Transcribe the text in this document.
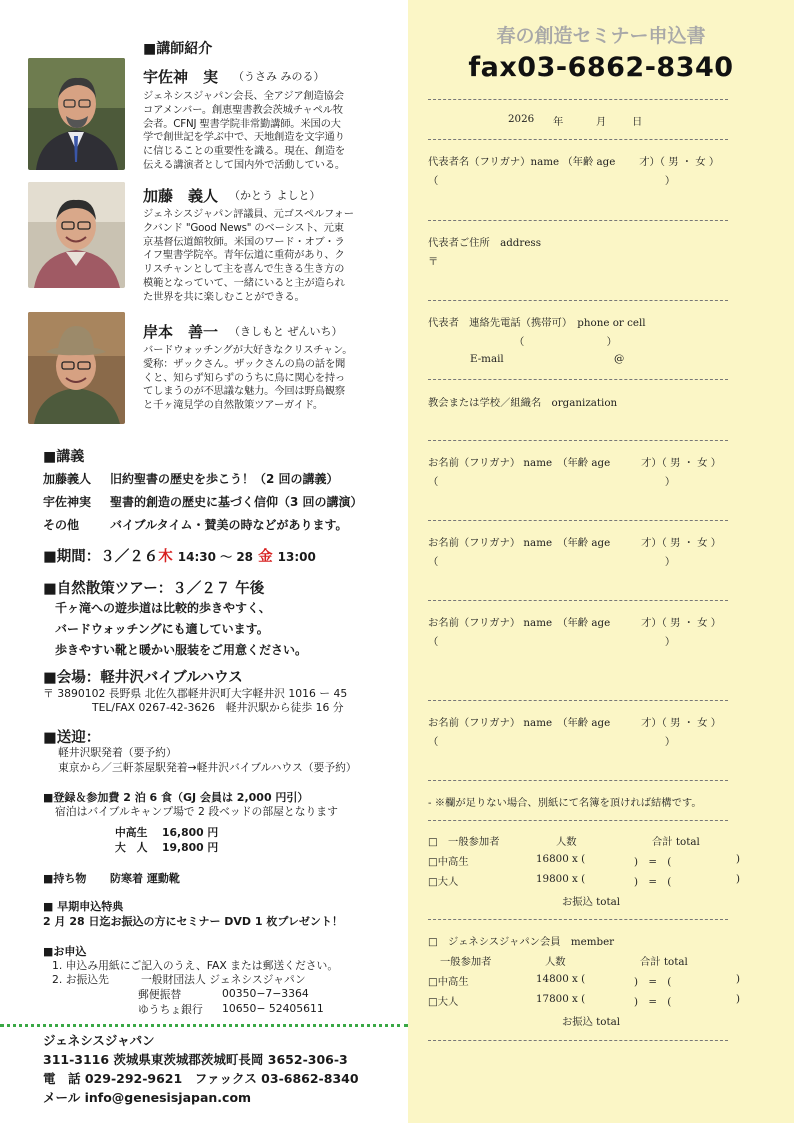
■講師紹介
宇佐神　実 （うさみ みのる）
ジェネシスジャパン会長、全アジア創造協会
コアメンバー。創恵聖書教会茨城チャペル牧
会者。CFNJ 聖書学院非常勤講師。米国の大
学で創世記を学ぶ中で、天地創造を文字通り
に信じることの重要性を識る。現在、創造を
伝える講演者として国内外で活動している。
加藤　義人 （かとう よしと）
ジェネシスジャパン評議員、元ゴスペルフォー
クバンド "Good News" のベーシスト、元東
京基督伝道館牧師。米国のワード・オブ・ラ
イフ聖書学院卒。青年伝道に重荷があり、ク
リスチャンとして主を喜んで生きる生き方の
模範となっていて、一緒にいると主が造られ
た世界を共に楽しむことができる。
岸本　善一 （きしもと ぜんいち）
バードウォッチングが大好きなクリスチャン。
愛称：ザックさん。ザックさんの鳥の話を聞
くと、知らず知らずのうちに鳥に関心を持っ
てしまうのが不思議な魅力。今回は野鳥観察
と千ヶ滝見学の自然散策ツアーガイド。
■講義
加藤義人 旧約聖書の歴史を歩こう！（2 回の講義）
宇佐神実 聖書的創造の歴史に基づく信仰（3 回の講演）
その他	バイブルタイム・賛美の時などがあります。
■期間：３／２６木 14:30 〜 28 金 13:00
■自然散策ツアー：３／２７ 午後
千ヶ滝への遊歩道は比較的歩きやすく、
バードウォッチングにも適しています。
歩きやすい靴と暖かい服装をご用意ください。
■会場：軽井沢バイブルハウス
〒 3890102 長野県 北佐久郡軽井沢町大字軽井沢 1016 ー 45
TEL/FAX 0267-42-3626　軽井沢駅から徒歩 16 分
■送迎：
軽井沢駅発着（要予約）
東京から／三軒茶屋駅発着→軽井沢バイブルハウス（要予約）
■登録＆参加費 2 泊 6 食（GJ 会員は 2,000 円引）
宿泊はバイブルキャンプ場で 2 段ベッドの部屋となります
中高生 16,800 円
大　人 19,800 円
■持ち物 防寒着 運動靴
■ 早期申込特典
2 月 28 日迄お振込の方にセミナー DVD 1 枚プレゼント！
■お申込
1. 申込み用紙にご記入のうえ、FAX または郵送ください。
2. お振込先	一般財団法人 ジェネシスジャパン
郵便振替	00350−7−3364
ゆうちょ銀行 10650− 52405611
ジェネシスジャパン
311-3116 茨城県東茨城郡茨城町長岡 3652-306-3
電　話 029-292-9621　ファックス 03-6862-8340
メール info@genesisjapan.com
春の創造セミナー申込書
fax03-6862-8340
2026 年	月 日
代表者名（フリガナ）name （年齢 age　　 才）（ 男 ・ 女 ）
（　　　　　　　　　　　　　　　　　　　　　　）
代表者ご住所　address
〒
代表者　連絡先電話（携帯可）　phone or cell
（　　　　　　　　）
E-mail	@
教会または学校／組織名　organization
お名前（フリガナ） name　（年齢 age　　　才）（ 男 ・ 女 ）
（　　　　　　　　　　　　　　　　　　　　　　）
お名前（フリガナ） name　（年齢 age　　　才）（ 男 ・ 女 ）
（　　　　　　　　　　　　　　　　　　　　　　）
お名前（フリガナ） name　（年齢 age　　　才）（ 男 ・ 女 ）
（　　　　　　　　　　　　　　　　　　　　　　）
お名前（フリガナ） name　（年齢 age　　　才）（ 男 ・ 女 ）
（　　　　　　　　　　　　　　　　　　　　　　）
- ※欄が足りない場合、別紙にて名簿を頂ければ結構です。
□　一般参加者	人数	合計 total
□中高生	16800 x (	)　=　(	)
□大人	19800 x (	)　=　(	)
お振込 total
□　ジェネシスジャパン会員　member
一般参加者	人数	合計 total
□中高生	14800 x (	)　=　(	)
□大人	17800 x (	)　=　(	)
お振込 total
